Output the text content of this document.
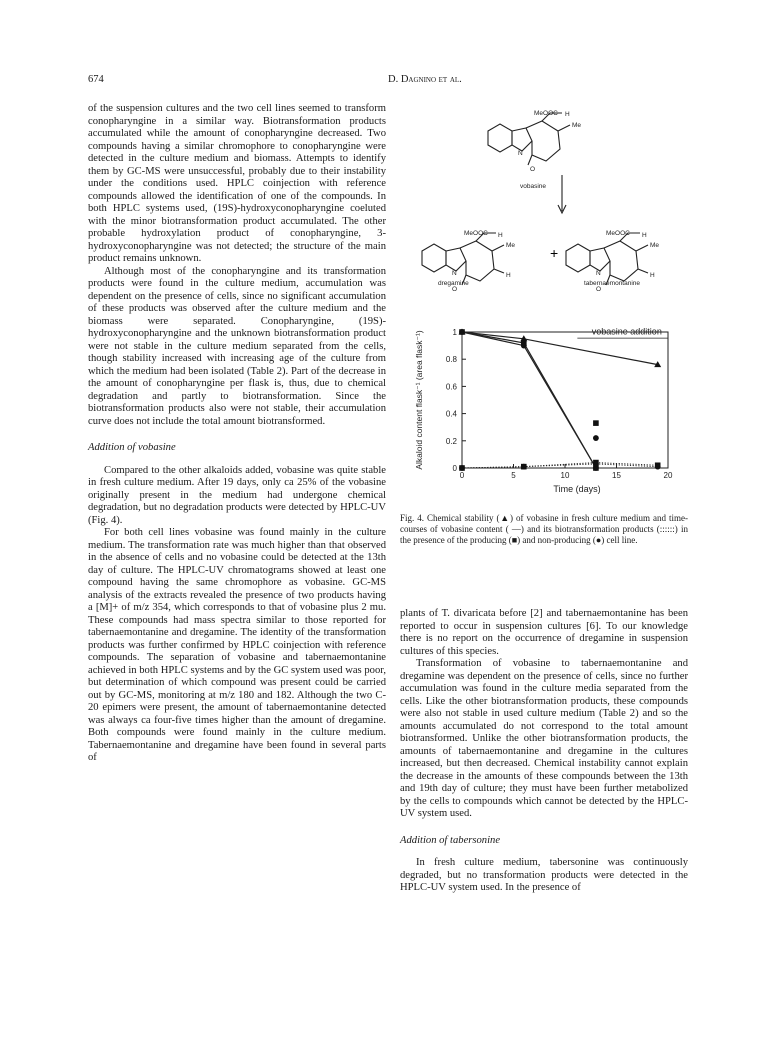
674	D. Dagnino et al.

of the suspension cultures and the two cell lines seemed to transform conopharyngine in a similar way. Biotransformation products accumulated while the amount of conopharyngine decreased. Two compounds having a similar chromophore to conopharyngine were detected in the culture medium and biomass. Attempts to identify them by GC-MS were unsuccessful, probably due to their instability under the conditions used. HPLC coinjection with reference compounds allowed the identification of one of the compounds. In both HPLC systems used, (19S)-hydroxyconopharyngine coeluted with the minor biotransformation product accumulated. The other probable hydroxylation product of conopharyngine, 3-hydroxyconopharyngine was not detected; the structure of the main product remains unknown.

Although most of the conopharyngine and its transformation products were found in the culture medium, accumulation was dependent on the presence of cells, since no significant accumulation of these products was observed after the culture medium and the biomass were separated. Conopharyngine, (19S)-hydroxyconopharyngine and the unknown biotransformation product were not stable in the culture medium separated from the cells, though stability increased with increasing age of the culture from which the medium had been isolated (Table 2). Part of the decrease in the amount of conopharyngine per flask is, thus, due to chemical degradation and partly to biotransformation. Since the biotransformation products also were not stable, their accumulation curve does not include the total amount biotransformed.

Addition of vobasine

Compared to the other alkaloids added, vobasine was quite stable in fresh culture medium. After 19 days, only ca 25% of the vobasine originally present in the medium had undergone chemical degradation, but no degradation products were detected by HPLC-UV (Fig. 4).

For both cell lines vobasine was found mainly in the culture medium. The transformation rate was much higher than that observed in the absence of cells and no vobasine could be detected at the 13th day of culture. The HPLC-UV chromatograms showed at least one compound having the same chromophore as vobasine. GC-MS analysis of the extracts revealed the presence of two products having a [M]+ of m/z 354, which corresponds to that of vobasine plus 2 mu. These compounds had mass spectra similar to those reported for tabernaemontanine and dregamine. The identity of the transformation products was further confirmed by HPLC coinjection with reference compounds. The separation of vobasine and tabernaemontanine achieved in both HPLC systems and by the GC system used was poor, but determination of which compound was present could be carried out by GC-MS, monitoring at m/z 180 and 182. Although the two C-20 epimers were present, the amount of tabernaemontanine detected was always ca four-five times higher than the amount of dregamine. Both compounds were found mainly in the culture medium. Tabernaemontanine and dregamine have been found in several parts of

MeOOC H
Me
N
O
vobasine
MeOOC H
Me
N	H
O
dregamine
+
MeOOC H
Me
N	H
O
tabernaemontanine
0	5	10	15	20
0
0.2
0.4
0.6
0.8
1
Time (days)
Alkaloid content flask⁻¹ (area flask⁻¹)	vobasine addition
Fig. 4. Chemical stability (▲) of vobasine in fresh culture medium and time-courses of vobasine content ( —) and its biotransformation products (::::::) in the presence of the producing (■) and non-producing (●) cell line.

plants of T. divaricata before [2] and tabernaemontanine has been reported to occur in suspension cultures [6]. To our knowledge there is no report on the occurrence of dregamine in suspension cultures of this species.

Transformation of vobasine to tabernaemontanine and dregamine was dependent on the presence of cells, since no further accumulation was found in the culture media separated from the cells. Like the other biotransformation products, these compounds were also not stable in used culture medium (Table 2) and so the amounts accumulated do not correspond to the total amount biotransformed. Unlike the other biotransformation products, the amounts of tabernaemontanine and dregamine in the cultures increased, but then decreased. Chemical instability cannot explain the decrease in the amounts of these compounds between the 13th and 19th day of culture; they must have been further metabolized by the cells to compounds which cannot be detected by the HPLC-UV system used.

Addition of tabersonine

In fresh culture medium, tabersonine was continuously degraded, but no transformation products were detected in the HPLC-UV system used. In the presence of
